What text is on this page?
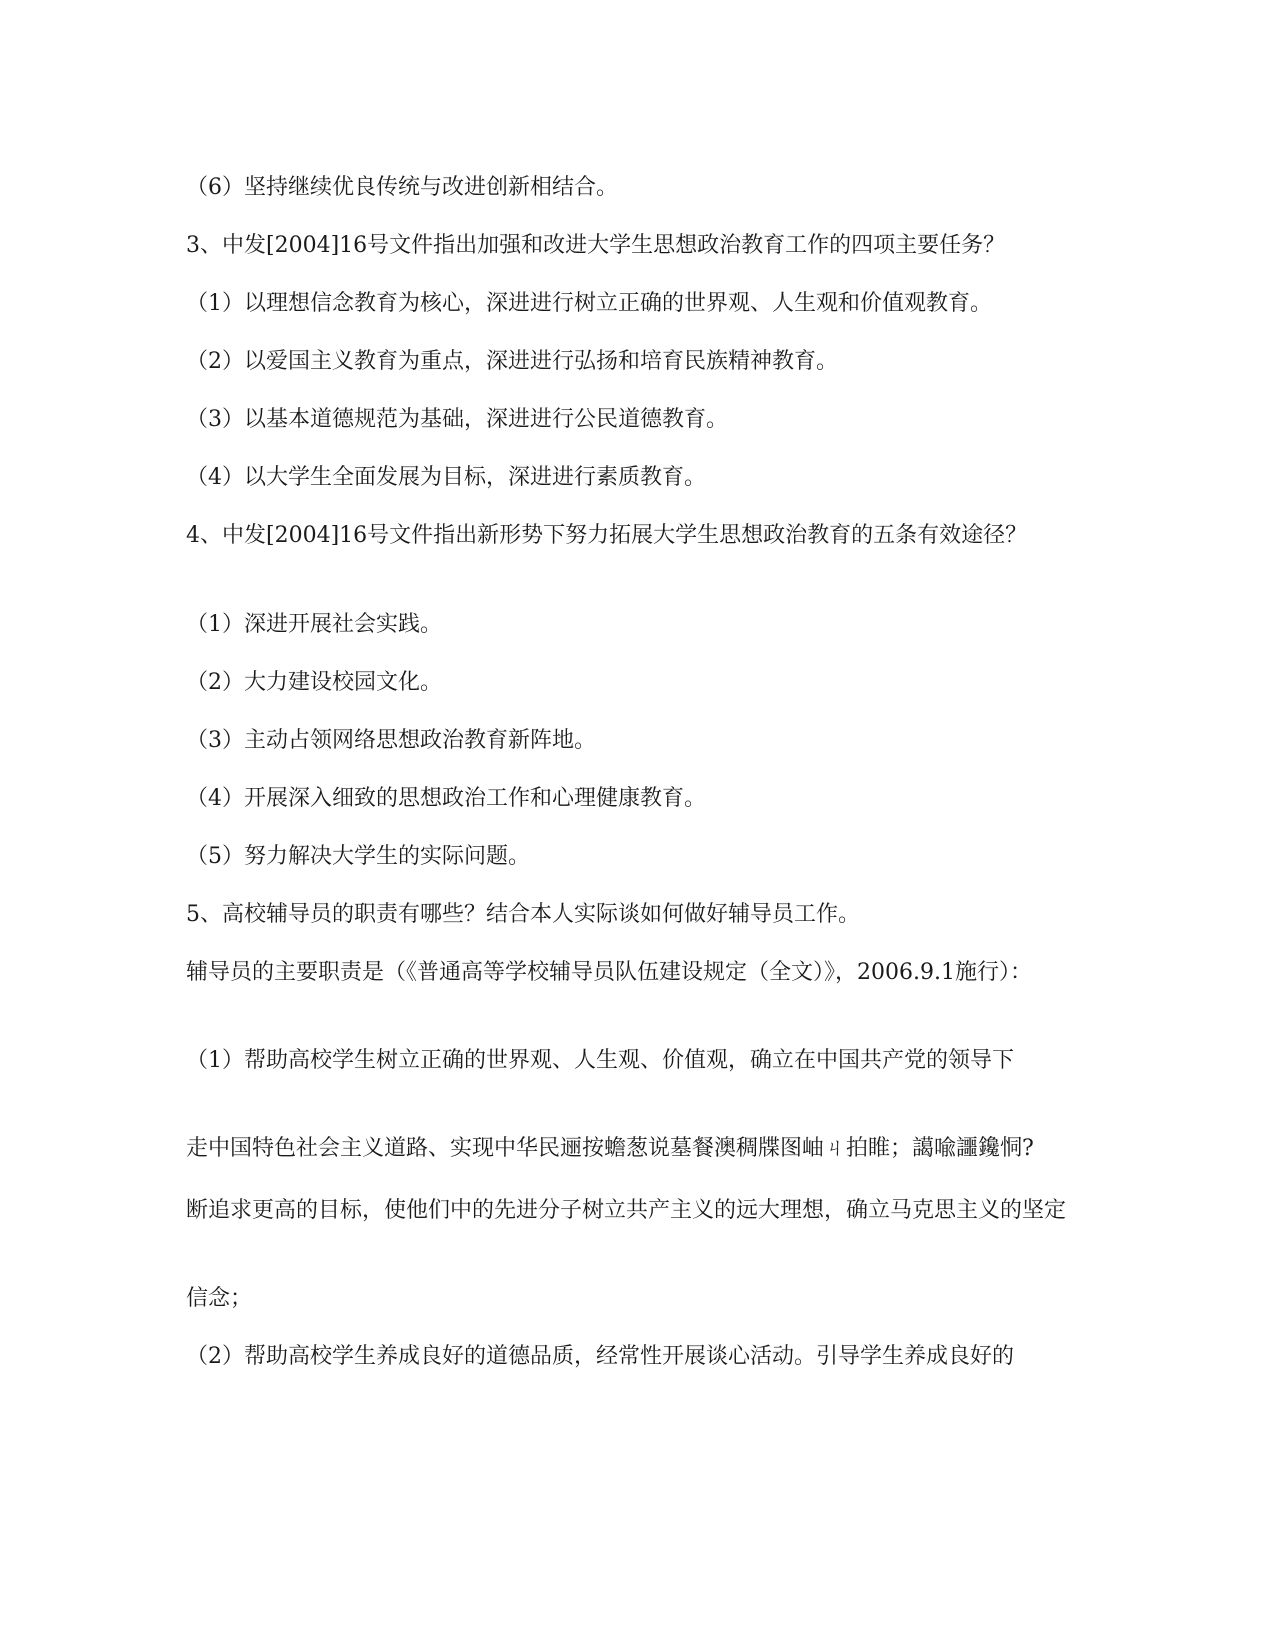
（6）坚持继续优良传统与改进创新相结合。

3、中发[2004]16号文件指出加强和改进大学生思想政治教育工作的四项主要任务？

（1）以理想信念教育为核心，深进进行树立正确的世界观、人生观和价值观教育。

（2）以爱国主义教育为重点，深进进行弘扬和培育民族精神教育。

（3）以基本道德规范为基础，深进进行公民道德教育。

（4）以大学生全面发展为目标，深进进行素质教育。

4、中发[2004]16号文件指出新形势下努力拓展大学生思想政治教育的五条有效途径？

（1）深进开展社会实践。

（2）大力建设校园文化。

（3）主动占领网络思想政治教育新阵地。

（4）开展深入细致的思想政治工作和心理健康教育。

（5）努力解决大学生的实际问题。

5、高校辅导员的职责有哪些？结合本人实际谈如何做好辅导员工作。

辅导员的主要职责是（《普通高等学校辅导员队伍建设规定（全文）》，2006.9.1施行）：

（1）帮助高校学生树立正确的世界观、人生观、价值观，确立在中国共产党的领导下

走中国特色社会主义道路、实现中华民逦按蟾葱说墓餐澳稠牒图岫ㄐ拍睢；譪喩讍鑱恫?

断追求更高的目标，使他们中的先进分子树立共产主义的远大理想，确立马克思主义的坚定

信念；

（2）帮助高校学生养成良好的道德品质，经常性开展谈心活动。引导学生养成良好的
